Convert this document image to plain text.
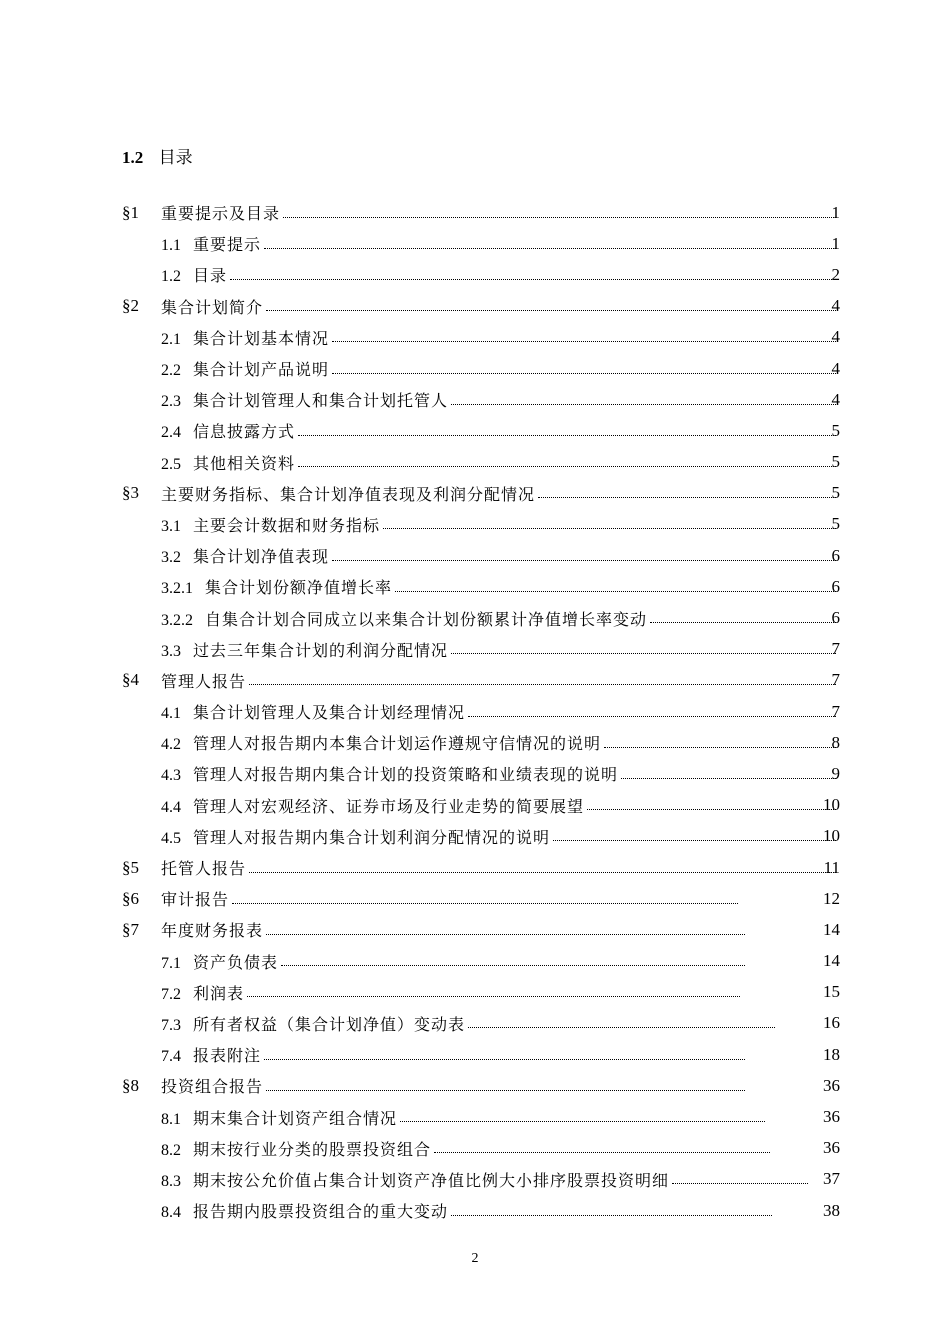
1.2 目录
§1 重要提示及目录	1
1.1 重要提示	1
1.2 目录	2
§2 集合计划简介	4
2.1 集合计划基本情况	4
2.2 集合计划产品说明	4
2.3 集合计划管理人和集合计划托管人	4
2.4 信息披露方式	5
2.5 其他相关资料	5
§3 主要财务指标、集合计划净值表现及利润分配情况	5
3.1 主要会计数据和财务指标	5
3.2 集合计划净值表现	6
3.2.1 集合计划份额净值增长率	6
3.2.2 自集合计划合同成立以来集合计划份额累计净值增长率变动	6
3.3 过去三年集合计划的利润分配情况	7
§4 管理人报告	7
4.1 集合计划管理人及集合计划经理情况	7
4.2 管理人对报告期内本集合计划运作遵规守信情况的说明	8
4.3 管理人对报告期内集合计划的投资策略和业绩表现的说明	9
4.4 管理人对宏观经济、证券市场及行业走势的简要展望	10
4.5 管理人对报告期内集合计划利润分配情况的说明	10
§5 托管人报告	11
§6 审计报告	12
§7 年度财务报表	14
7.1 资产负债表	14
7.2 利润表	15
7.3 所有者权益（集合计划净值）变动表	16
7.4 报表附注	18
§8 投资组合报告	36
8.1 期末集合计划资产组合情况	36
8.2 期末按行业分类的股票投资组合	36
8.3 期末按公允价值占集合计划资产净值比例大小排序股票投资明细	37
8.4 报告期内股票投资组合的重大变动	38
2
